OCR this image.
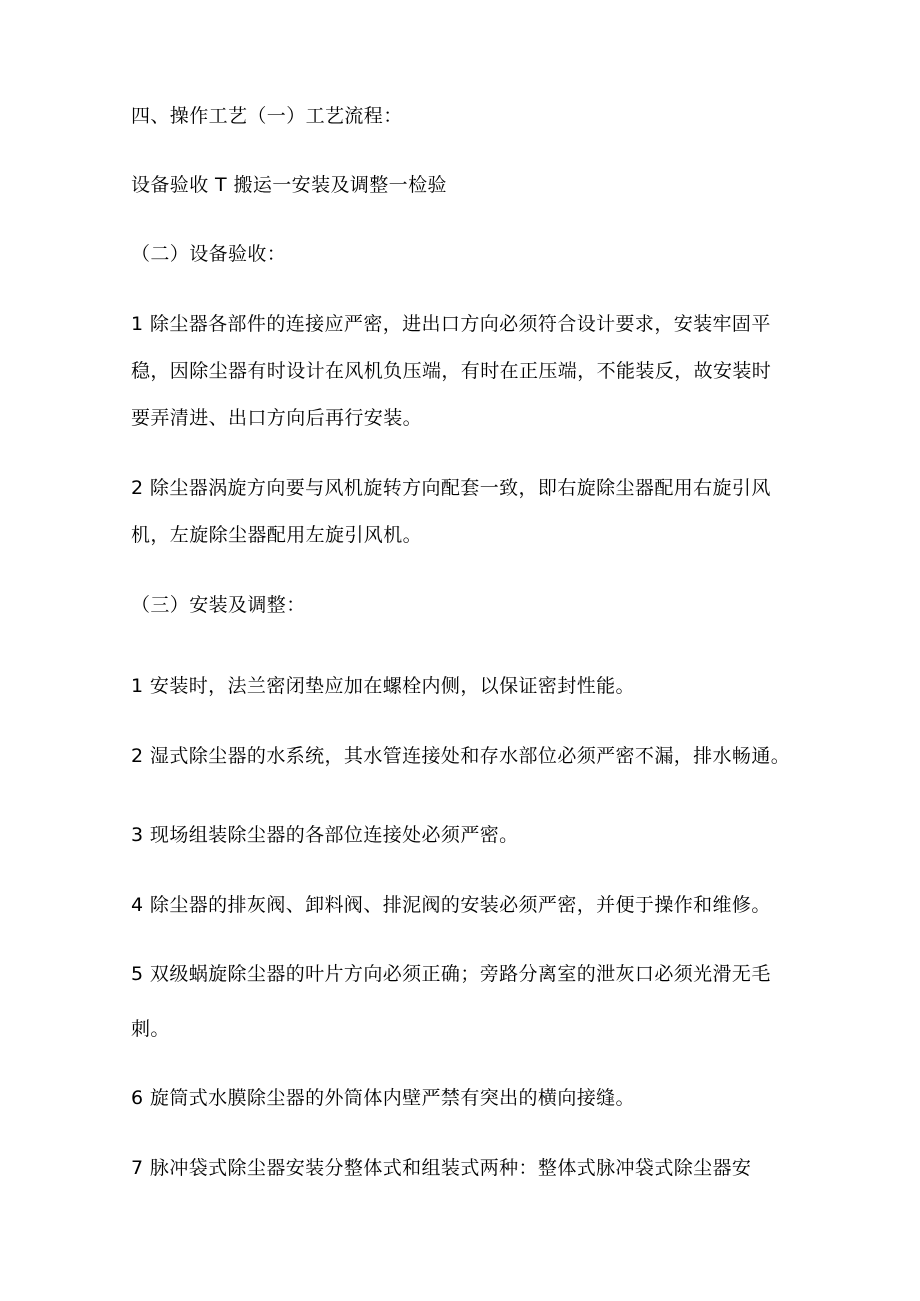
四、操作工艺（一）工艺流程：

设备验收 T 搬运一安装及调整一检验

（二）设备验收：

1 除尘器各部件的连接应严密，进出口方向必须符合设计要求，安装牢固平

稳，因除尘器有时设计在风机负压端，有时在正压端，不能装反，故安装时

要弄清进、出口方向后再行安装。

2 除尘器涡旋方向要与风机旋转方向配套一致，即右旋除尘器配用右旋引风

机，左旋除尘器配用左旋引风机。

（三）安装及调整：

1 安装时，法兰密闭垫应加在螺栓内侧，以保证密封性能。

2 湿式除尘器的水系统，其水管连接处和存水部位必须严密不漏，排水畅通。

3 现场组装除尘器的各部位连接处必须严密。

4 除尘器的排灰阀、卸料阀、排泥阀的安装必须严密，并便于操作和维修。

5 双级蜗旋除尘器的叶片方向必须正确；旁路分离室的泄灰口必须光滑无毛

刺。

6 旋筒式水膜除尘器的外筒体内壁严禁有突出的横向接缝。

7 脉冲袋式除尘器安装分整体式和组装式两种：整体式脉冲袋式除尘器安
